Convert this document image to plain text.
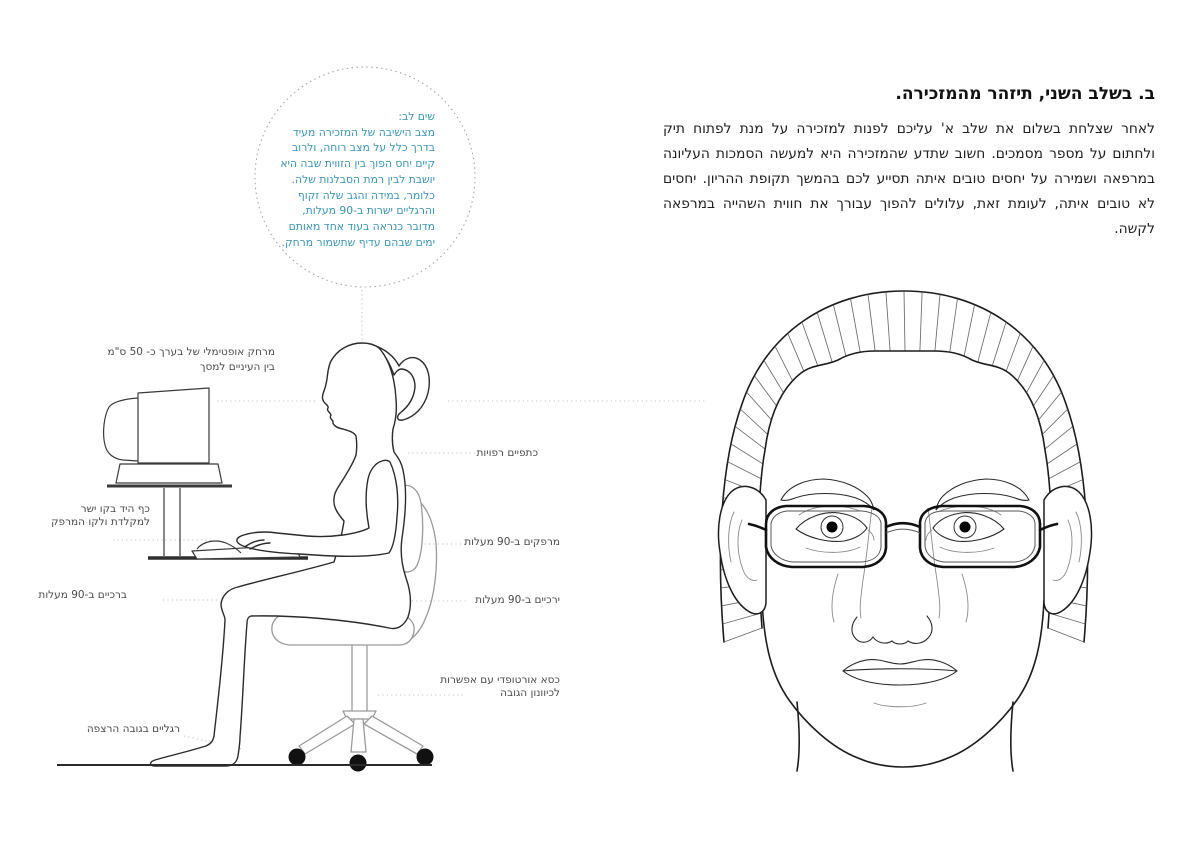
ב. בשלב השני, תיזהר מהמזכירה.

לאחר שצלחת בשלום את שלב א' עליכם לפנות למזכירה על מנת לפתוח תיק ולחתום על מספר מסמכים. חשוב שתדע שהמזכירה היא למעשה הסמכות העליונה במרפאה ושמירה על יחסים טובים איתה תסייע לכם בהמשך תקופת ההריון. יחסים לא טובים איתה, לעומת זאת, עלולים להפוך עבורך את חווית השהייה במרפאה לקשה.

שים לב:
מצב הישיבה של המזכירה מעיד בדרך כלל על מצב רוחה, ולרוב קיים יחס הפוך בין הזווית שבה היא יושבת לבין רמת הסבלנות שלה. כלומר, במידה והגב שלה זקוף והרגליים ישרות ב-90 מעלות, מדובר כנראה בעוד אחד מאותם ימים שבהם עדיף שתשמור מרחק.
מרחק אופטימלי של בערך כ- 50 ס"מ
בין העיניים למסך
כתפיים רפויות
כף היד בקו ישר
למקלדת ולקו המרפק
מרפקים ב-90 מעלות
ברכיים ב-90 מעלות	ירכיים ב-90 מעלות
כסא אורטופדי עם אפשרות
לכיוונון הגובה
רגליים בגובה הרצפה
